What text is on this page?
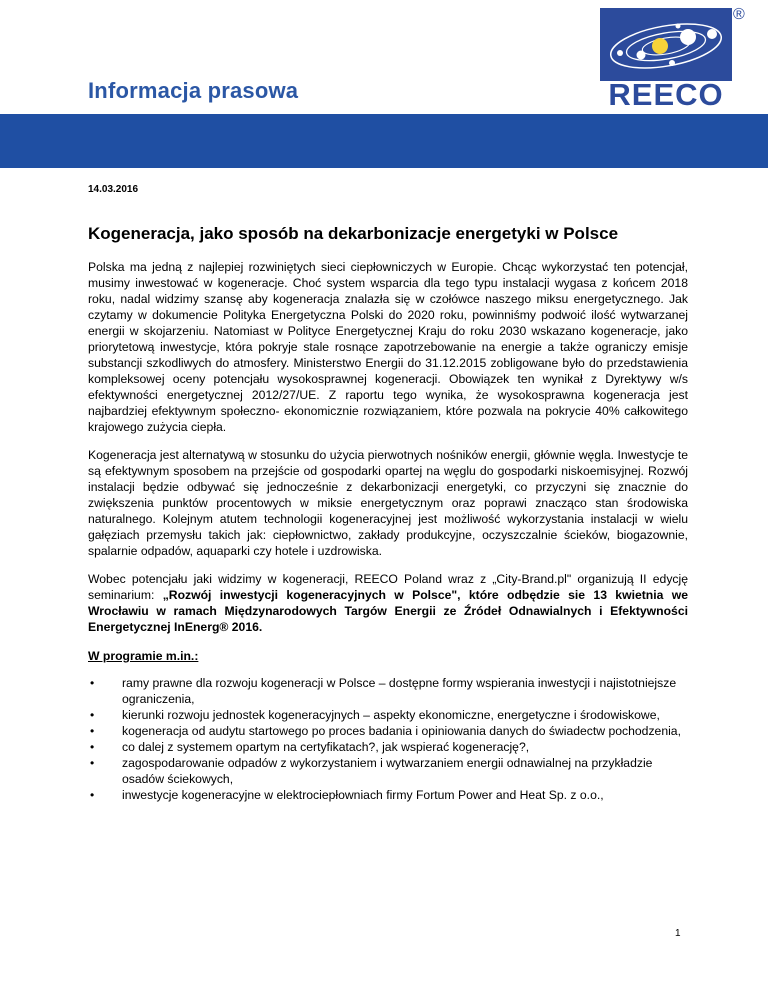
Informacja prasowa	REECO
®
14.03.2016
Kogeneracja, jako sposób na dekarbonizacje energetyki w Polsce

Polska ma jedną z najlepiej rozwiniętych sieci ciepłowniczych w Europie. Chcąc wykorzystać ten potencjał, musimy inwestować w kogeneracje. Choć system wsparcia dla tego typu instalacji wygasa z końcem 2018 roku, nadal widzimy szansę aby kogeneracja znalazła się w czołówce naszego miksu energetycznego. Jak czytamy w dokumencie Polityka Energetyczna Polski do 2020 roku, powinniśmy podwoić ilość wytwarzanej energii w skojarzeniu. Natomiast w Polityce Energetycznej Kraju do roku 2030 wskazano kogeneracje, jako priorytetową inwestycje, która pokryje stale rosnące zapotrzebowanie na energie a także ograniczy emisje substancji szkodliwych do atmosfery. Ministerstwo Energii do 31.12.2015 zobligowane było do przedstawienia kompleksowej oceny potencjału wysokosprawnej kogeneracji. Obowiązek ten wynikał z Dyrektywy w/s efektywności energetycznej 2012/27/UE. Z raportu tego wynika, że wysokosprawna kogeneracja jest najbardziej efektywnym społeczno- ekonomicznie rozwiązaniem, które pozwala na pokrycie 40% całkowitego krajowego zużycia ciepła.

Kogeneracja jest alternatywą w stosunku do użycia pierwotnych nośników energii, głównie węgla. Inwestycje te są efektywnym sposobem na przejście od gospodarki opartej na węglu do gospodarki niskoemisyjnej. Rozwój instalacji będzie odbywać się jednocześnie z dekarbonizacji energetyki, co przyczyni się znacznie do zwiększenia punktów procentowych w miksie energetycznym oraz poprawi znacząco stan środowiska naturalnego. Kolejnym atutem technologii kogeneracyjnej jest możliwość wykorzystania instalacji w wielu gałęziach przemysłu takich jak: ciepłownictwo, zakłady produkcyjne, oczyszczalnie ścieków, biogazownie, spalarnie odpadów, aquaparki czy hotele i uzdrowiska.

Wobec potencjału jaki widzimy w kogeneracji, REECO Poland wraz z „City-Brand.pl" organizują II edycję seminarium: „Rozwój inwestycji kogeneracyjnych w Polsce", które odbędzie sie 13 kwietnia we Wrocławiu w ramach Międzynarodowych Targów Energii ze Źródeł Odnawialnych i Efektywności Energetycznej InEnerg® 2016.

W programie m.in.:
• ramy prawne dla rozwoju kogeneracji w Polsce – dostępne formy wspierania inwestycji i najistotniejsze ograniczenia,
• kierunki rozwoju jednostek kogeneracyjnych – aspekty ekonomiczne, energetyczne i środowiskowe,
• kogeneracja od audytu startowego po proces badania i opiniowania danych do świadectw pochodzenia,
• co dalej z systemem opartym na certyfikatach?, jak wspierać kogenerację?,
• zagospodarowanie odpadów z wykorzystaniem i wytwarzaniem energii odnawialnej na przykładzie osadów ściekowych,
• inwestycje kogeneracyjne w elektrociepłowniach firmy Fortum Power and Heat Sp. z o.o.,
1
